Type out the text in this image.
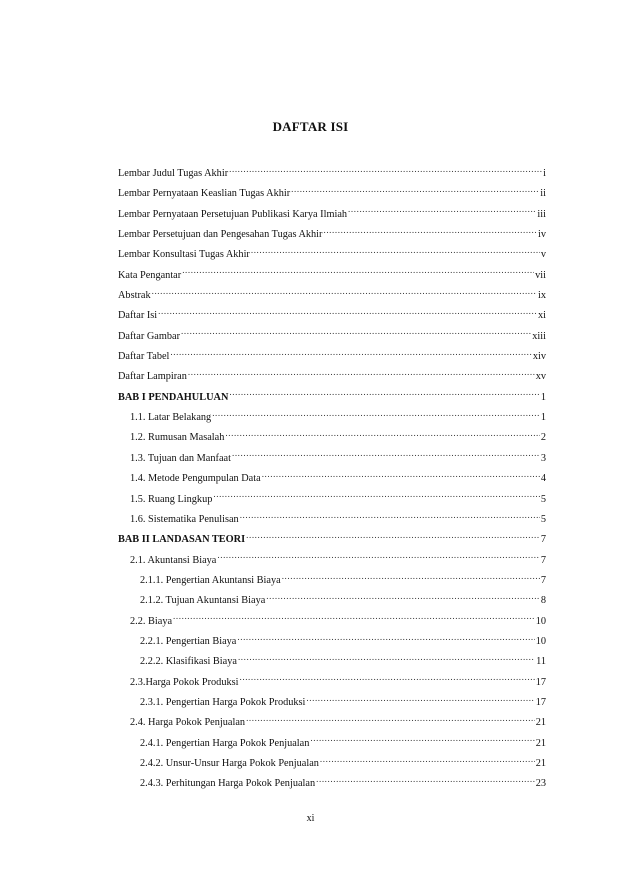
DAFTAR ISI
Lembar Judul Tugas Akhir .....	i
Lembar Pernyataan Keaslian Tugas Akhir .....	ii
Lembar Pernyataan Persetujuan Publikasi Karya Ilmiah .....	iii
Lembar Persetujuan dan Pengesahan Tugas Akhir .....	iv
Lembar Konsultasi Tugas Akhir .....	v
Kata Pengantar .....	vii
Abstrak .....	ix
Daftar Isi .....	xi
Daftar Gambar .....	xiii
Daftar Tabel .....	xiv
Daftar Lampiran .....	xv
BAB I PENDAHULUAN .....	1
1.1. Latar Belakang .....	1
1.2. Rumusan Masalah .....	2
1.3. Tujuan dan Manfaat .....	3
1.4. Metode Pengumpulan Data .....	4
1.5. Ruang Lingkup .....	5
1.6. Sistematika Penulisan .....	5
BAB II LANDASAN TEORI .....	7
2.1. Akuntansi Biaya .....	7
2.1.1. Pengertian Akuntansi Biaya .....	7
2.1.2. Tujuan Akuntansi Biaya .....	8
2.2. Biaya .....	10
2.2.1. Pengertian Biaya .....	10
2.2.2. Klasifikasi Biaya .....	11
2.3.Harga Pokok Produksi .....	17
2.3.1. Pengertian Harga Pokok Produksi .....	17
2.4. Harga Pokok Penjualan .....	21
2.4.1. Pengertian Harga Pokok Penjualan .....	21
2.4.2. Unsur-Unsur Harga Pokok Penjualan .....	21
2.4.3. Perhitungan Harga Pokok Penjualan .....	23
xi
